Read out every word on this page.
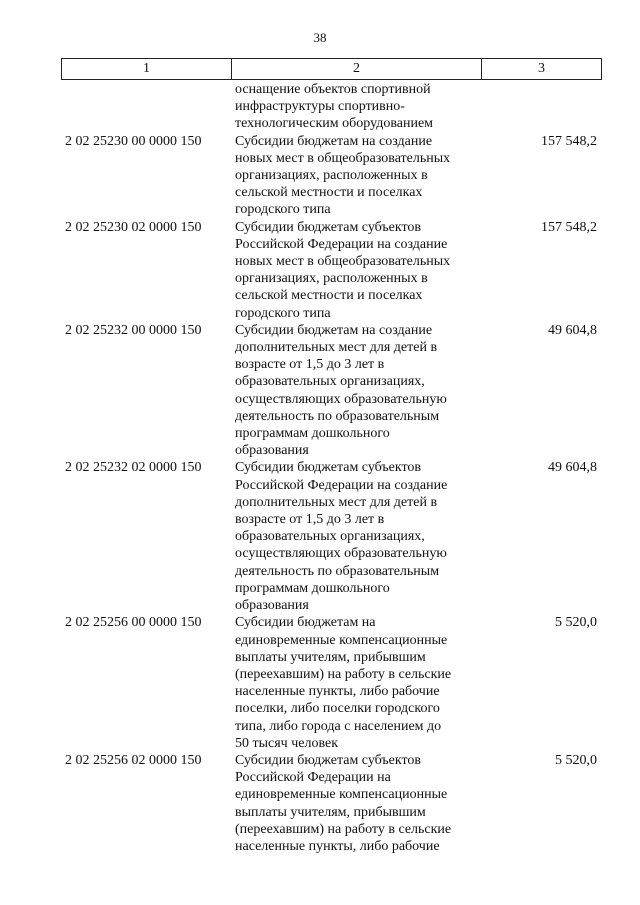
38
1	2	3
оснащение объектов спортивной
инфраструктуры спортивно-
технологическим оборудованием
2 02 25230 00 0000 150	Субсидии бюджетам на создание
новых мест в общеобразовательных
организациях, расположенных в
сельской местности и поселках
городского типа
157 548,2
2 02 25230 02 0000 150	Субсидии бюджетам субъектов
Российской Федерации на создание
новых мест в общеобразовательных
организациях, расположенных в
сельской местности и поселках
городского типа
157 548,2
2 02 25232 00 0000 150	Субсидии бюджетам на создание
дополнительных мест для детей в
возрасте от 1,5 до 3 лет в
образовательных организациях,
осуществляющих образовательную
деятельность по образовательным
программам дошкольного
образования
49 604,8
2 02 25232 02 0000 150	Субсидии бюджетам субъектов
Российской Федерации на создание
дополнительных мест для детей в
возрасте от 1,5 до 3 лет в
образовательных организациях,
осуществляющих образовательную
деятельность по образовательным
программам дошкольного
образования
49 604,8
2 02 25256 00 0000 150	Субсидии бюджетам на
единовременные компенсационные
выплаты учителям, прибывшим
(переехавшим) на работу в сельские
населенные пункты, либо рабочие
поселки, либо поселки городского
типа, либо города с населением до
50 тысяч человек
5 520,0
2 02 25256 02 0000 150	Субсидии бюджетам субъектов
Российской Федерации на
единовременные компенсационные
выплаты учителям, прибывшим
(переехавшим) на работу в сельские
населенные пункты, либо рабочие
5 520,0
